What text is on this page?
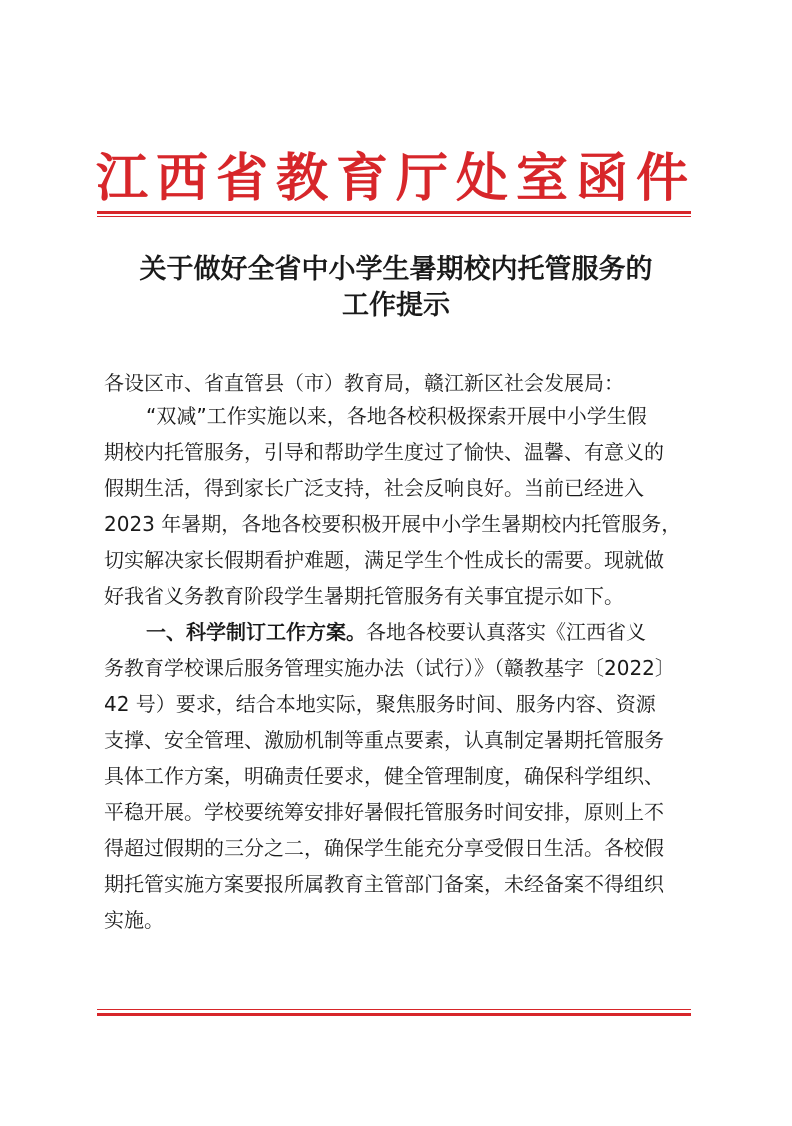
江西省教育厅处室函件
关于做好全省中小学生暑期校内托管服务的
工作提示
各设区市、省直管县（市）教育局，赣江新区社会发展局：
“双减”工作实施以来，各地各校积极探索开展中小学生假
期校内托管服务，引导和帮助学生度过了愉快、温馨、有意义的
假期生活，得到家长广泛支持，社会反响良好。当前已经进入
2023 年暑期，各地各校要积极开展中小学生暑期校内托管服务，
切实解决家长假期看护难题，满足学生个性成长的需要。现就做
好我省义务教育阶段学生暑期托管服务有关事宜提示如下。
一、科学制订工作方案。各地各校要认真落实《江西省义
务教育学校课后服务管理实施办法（试行）》（赣教基字〔2022〕
42 号）要求，结合本地实际，聚焦服务时间、服务内容、资源
支撑、安全管理、激励机制等重点要素，认真制定暑期托管服务
具体工作方案，明确责任要求，健全管理制度，确保科学组织、
平稳开展。学校要统筹安排好暑假托管服务时间安排，原则上不
得超过假期的三分之二，确保学生能充分享受假日生活。各校假
期托管实施方案要报所属教育主管部门备案，未经备案不得组织
实施。
